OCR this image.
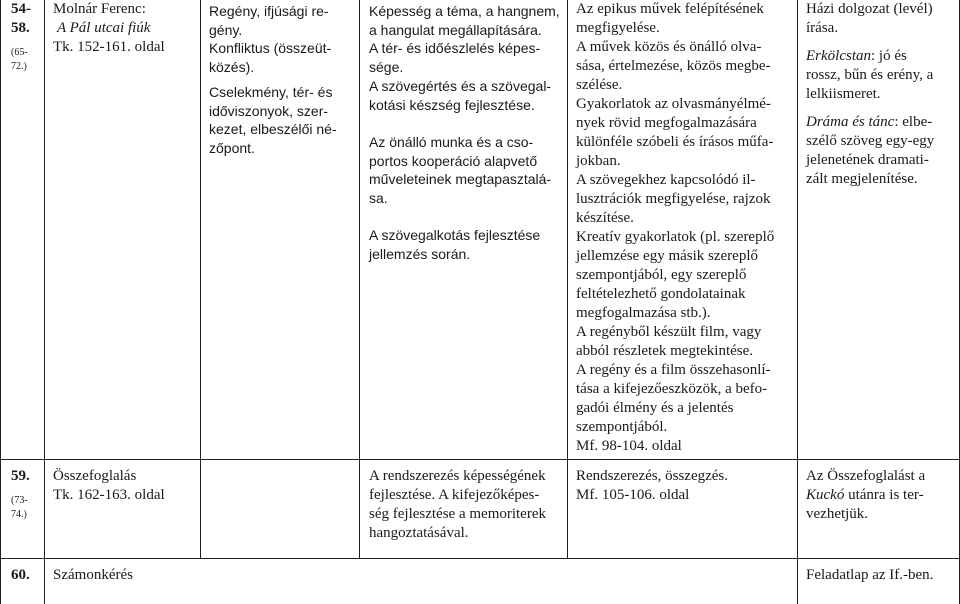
54-
58.
(65-
72.)
Molnár Ferenc:
A Pál utcai fiúk
Tk. 152-161. oldal
Regény, ifjúsági re-
gény.
Konfliktus (összeüt-
közés).
Cselekmény, tér- és
időviszonyok, szer-
kezet, elbeszélői né-
zőpont.
Képesség a téma, a hangnem,
a hangulat megállapítására.
A tér- és időészlelés képes-
sége.
A szövegértés és a szövegal-
kotási készség fejlesztése.
Az önálló munka és a cso-
portos kooperáció alapvető
műveleteinek megtapasztalá-
sa.
A szövegalkotás fejlesztése
jellemzés során.
Az epikus művek felépítésének
megfigyelése.
A művek közös és önálló olva-
sása, értelmezése, közös megbe-
szélése.
Gyakorlatok az olvasmányélmé-
nyek rövid megfogalmazására
különféle szóbeli és írásos műfa-
jokban.
A szövegekhez kapcsolódó il-
lusztrációk megfigyelése, rajzok
készítése.
Kreatív gyakorlatok (pl. szereplő
jellemzése egy másik szereplő
szempontjából, egy szereplő
feltételezhető gondolatainak
megfogalmazása stb.).
A regényből készült film, vagy
abból részletek megtekintése.
A regény és a film összehasonlí-
tása a kifejezőeszközök, a befo-
gadói élmény és a jelentés
szempontjából.
Mf. 98-104. oldal
Házi dolgozat (levél)
írása.
Erkölcstan: jó és
rossz, bűn és erény, a
lelkiismeret.
Dráma és tánc: elbe-
szélő szöveg egy-egy
jelenetének dramati-
zált megjelenítése.
59.
(73-
74.)
Összefoglalás
Tk. 162-163. oldal
A rendszerezés képességének
fejlesztése. A kifejezőképes-
ség fejlesztése a memoriterek
hangoztatásával.
Rendszerezés, összegzés.
Mf. 105-106. oldal
Az Összefoglalást a
Kuckó utánra is ter-
vezhetjük.
60. Számonkérés	Feladatlap az If.-ben.
